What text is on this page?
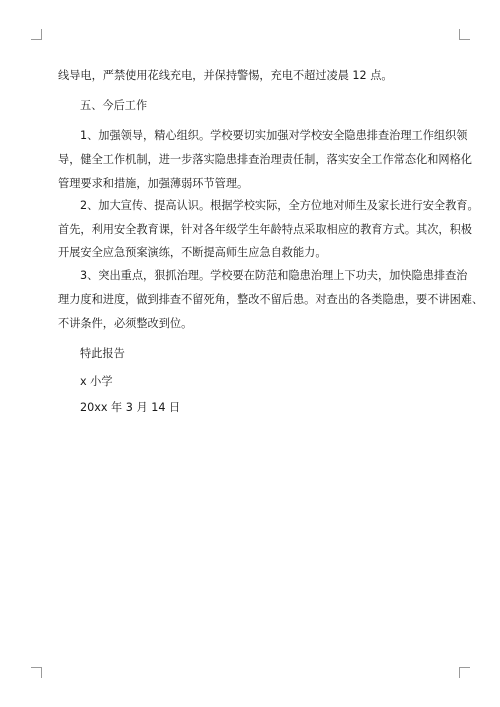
线导电，严禁使用花线充电，并保持警惕，充电不超过凌晨 12 点。
五、今后工作
1、加强领导，精心组织。学校要切实加强对学校安全隐患排查治理工作组织领
导，健全工作机制，进一步落实隐患排查治理责任制，落实安全工作常态化和网格化
管理要求和措施，加强薄弱环节管理。
2、加大宣传、提高认识。根据学校实际，全方位地对师生及家长进行安全教育。
首先，利用安全教育课，针对各年级学生年龄特点采取相应的教育方式。其次，积极
开展安全应急预案演练，不断提高师生应急自救能力。
3、突出重点，狠抓治理。学校要在防范和隐患治理上下功夫，加快隐患排查治
理力度和进度，做到排查不留死角，整改不留后患。对查出的各类隐患，要不讲困难、
不讲条件，必须整改到位。
特此报告
x 小学
20xx 年 3 月 14 日
